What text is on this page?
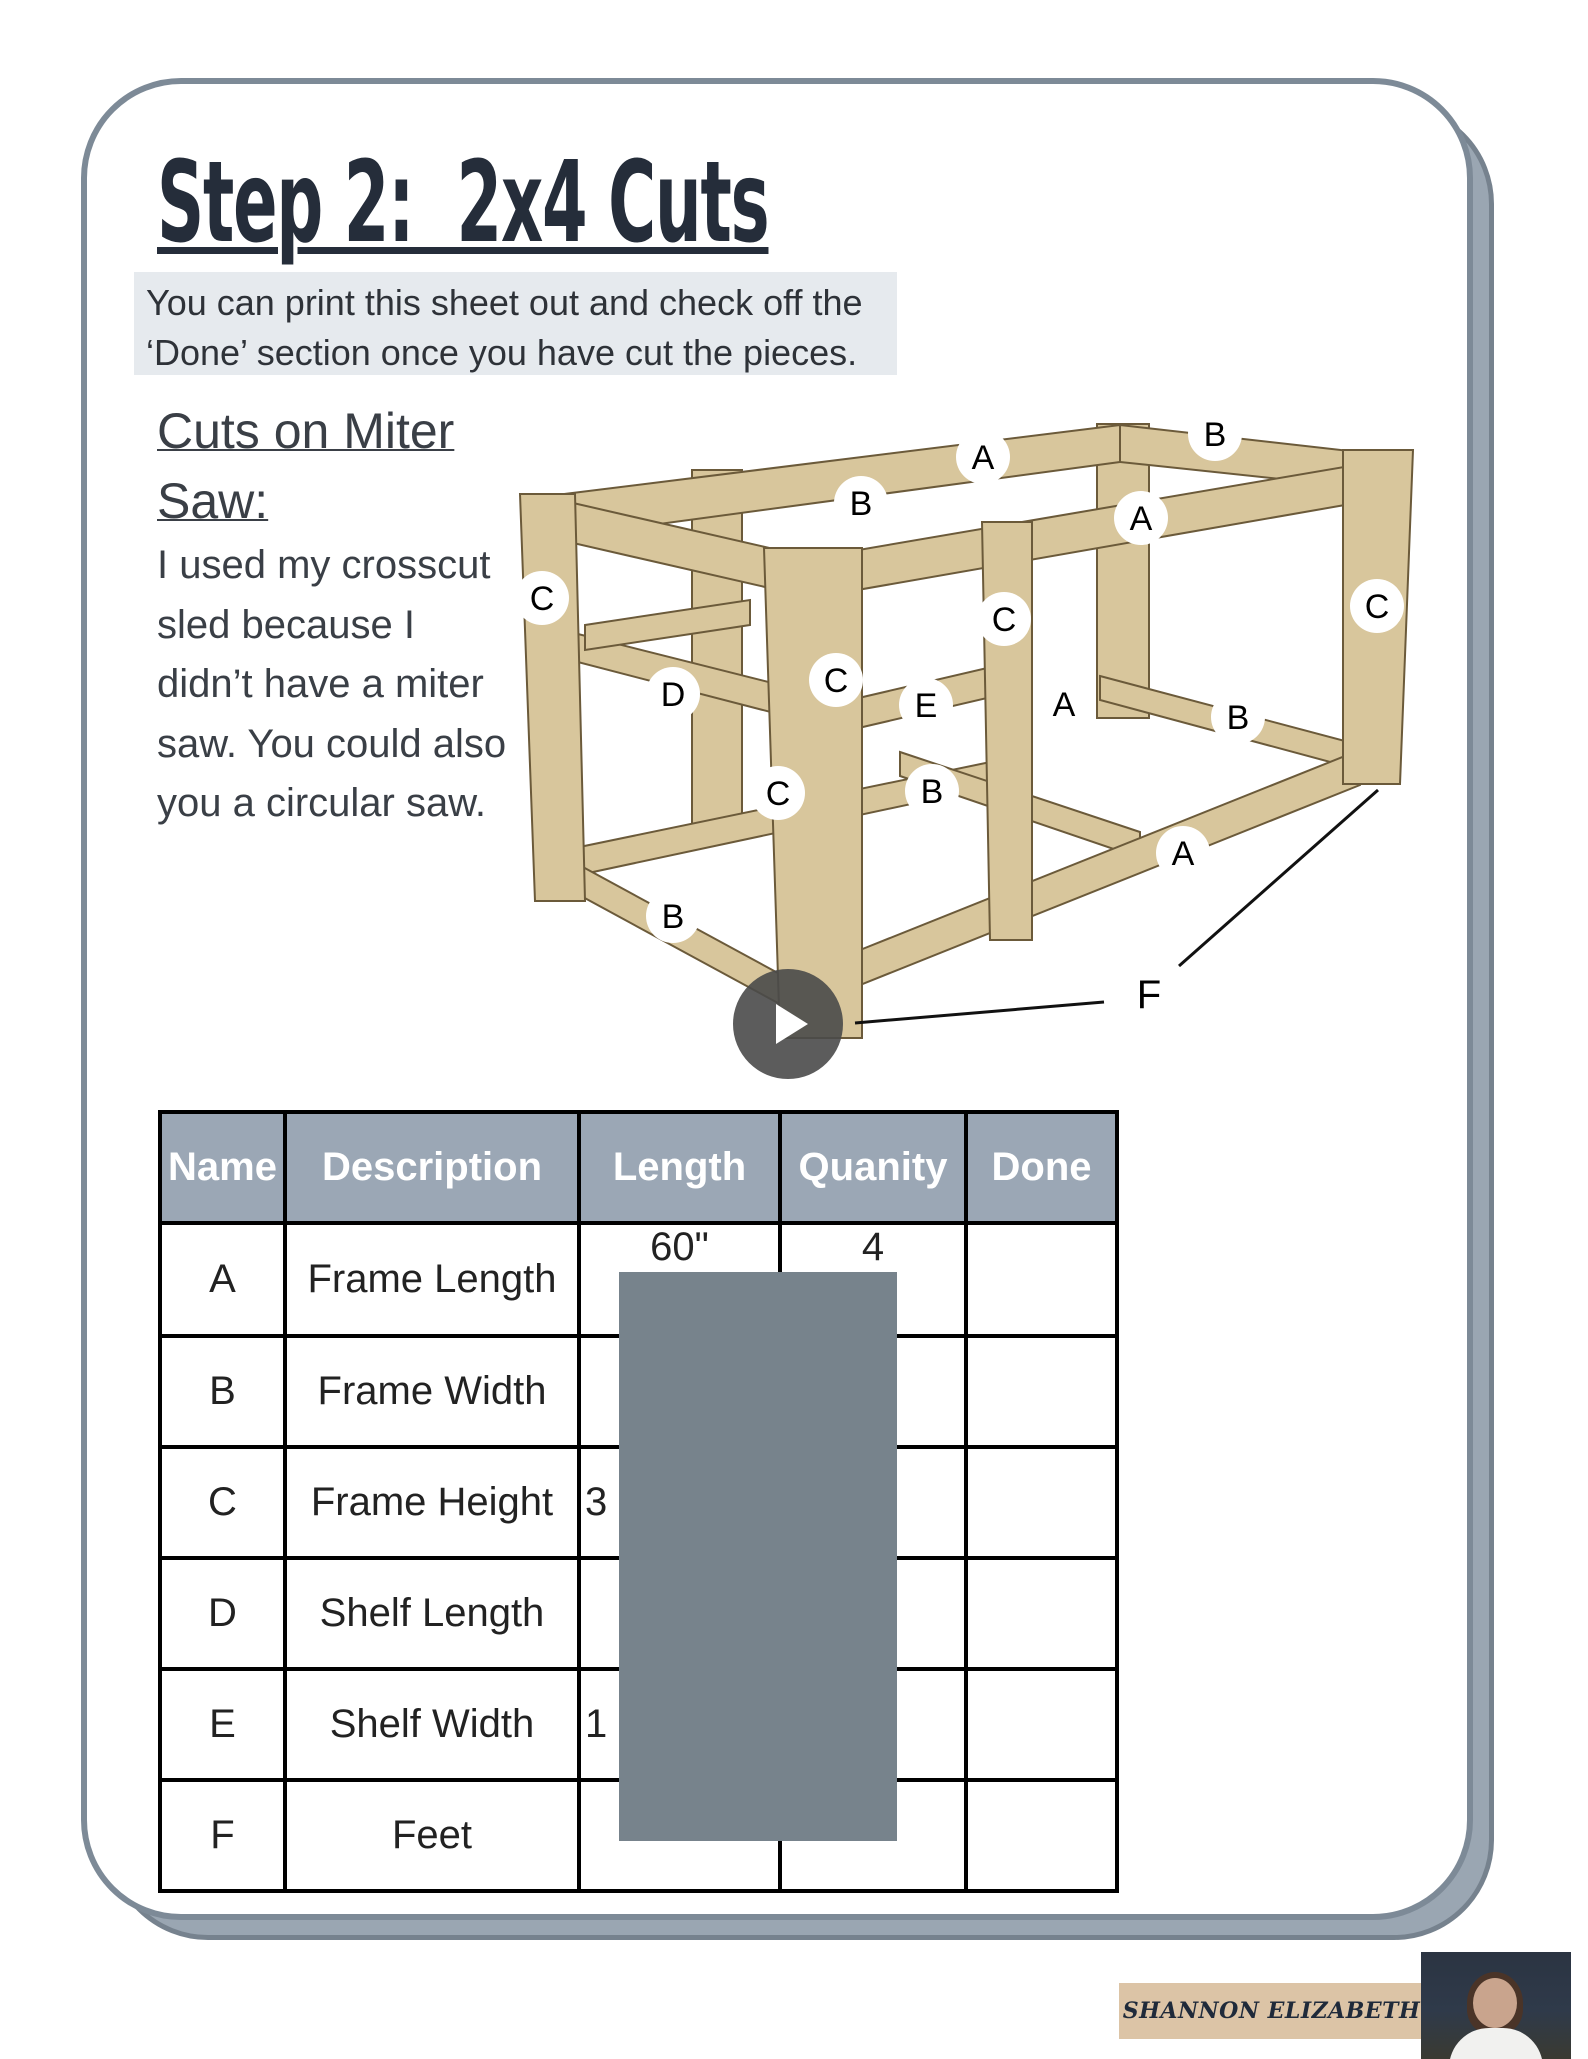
Step 2:  2x4 Cuts
You can print this sheet out and check off the ‘Done’ section once you have cut the pieces.
Cuts on Miter Saw:
I used my crosscut sled because I didn’t have a miter saw. You could also you a circular saw.
A
B
B	A
C
C	C
D	C
E	A	B
C	B
A
B
F
Name	Description	Length	Quanity	Done
A	Frame Length	60"	4	
B	Frame Width			
C	Frame Height	3		
D	Shelf Length			
E	Shelf Width	1		
F	Feet			
SHANNON ELIZABETH
